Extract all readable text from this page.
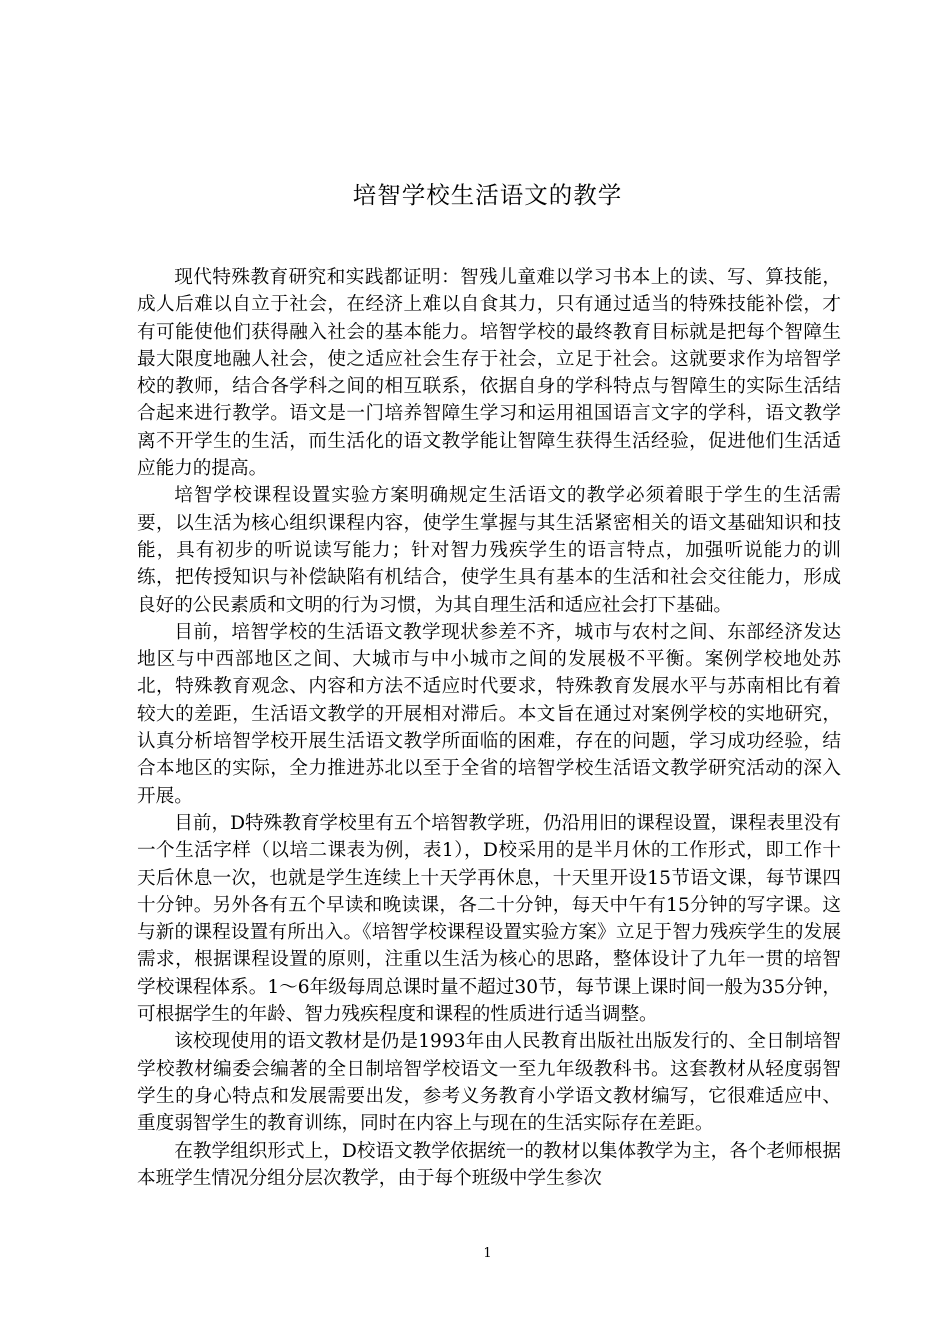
培智学校生活语文的教学

现代特殊教育研究和实践都证明：智残儿童难以学习书本上的读、写、算技能，成人后难以自立于社会，在经济上难以自食其力，只有通过适当的特殊技能补偿，才有可能使他们获得融入社会的基本能力。培智学校的最终教育目标就是把每个智障生最大限度地融人社会，使之适应社会生存于社会，立足于社会。这就要求作为培智学校的教师，结合各学科之间的相互联系，依据自身的学科特点与智障生的实际生活结合起来进行教学。语文是一门培养智障生学习和运用祖国语言文字的学科，语文教学离不开学生的生活，而生活化的语文教学能让智障生获得生活经验，促进他们生活适应能力的提高。

培智学校课程设置实验方案明确规定生活语文的教学必须着眼于学生的生活需要，以生活为核心组织课程内容，使学生掌握与其生活紧密相关的语文基础知识和技能，具有初步的听说读写能力；针对智力残疾学生的语言特点，加强听说能力的训练，把传授知识与补偿缺陷有机结合，使学生具有基本的生活和社会交往能力，形成良好的公民素质和文明的行为习惯，为其自理生活和适应社会打下基础。

目前，培智学校的生活语文教学现状参差不齐，城市与农村之间、东部经济发达地区与中西部地区之间、大城市与中小城市之间的发展极不平衡。案例学校地处苏北，特殊教育观念、内容和方法不适应时代要求，特殊教育发展水平与苏南相比有着较大的差距，生活语文教学的开展相对滞后。本文旨在通过对案例学校的实地研究，认真分析培智学校开展生活语文教学所面临的困难，存在的问题，学习成功经验，结合本地区的实际，全力推进苏北以至于全省的培智学校生活语文教学研究活动的深入开展。

目前，D特殊教育学校里有五个培智教学班，仍沿用旧的课程设置，课程表里没有一个生活字样（以培二课表为例，表1），D校采用的是半月休的工作形式，即工作十天后休息一次，也就是学生连续上十天学再休息，十天里开设15节语文课，每节课四十分钟。另外各有五个早读和晚读课，各二十分钟，每天中午有15分钟的写字课。这与新的课程设置有所出入。《培智学校课程设置实验方案》立足于智力残疾学生的发展需求，根据课程设置的原则，注重以生活为核心的思路，整体设计了九年一贯的培智学校课程体系。1～6年级每周总课时量不超过30节，每节课上课时间一般为35分钟，可根据学生的年龄、智力残疾程度和课程的性质进行适当调整。

该校现使用的语文教材是仍是1993年由人民教育出版社出版发行的、全日制培智学校教材编委会编著的全日制培智学校语文一至九年级教科书。这套教材从轻度弱智学生的身心特点和发展需要出发，参考义务教育小学语文教材编写，它很难适应中、重度弱智学生的教育训练，同时在内容上与现在的生活实际存在差距。

在教学组织形式上，D校语文教学依据统一的教材以集体教学为主，各个老师根据本班学生情况分组分层次教学，由于每个班级中学生参次

1
